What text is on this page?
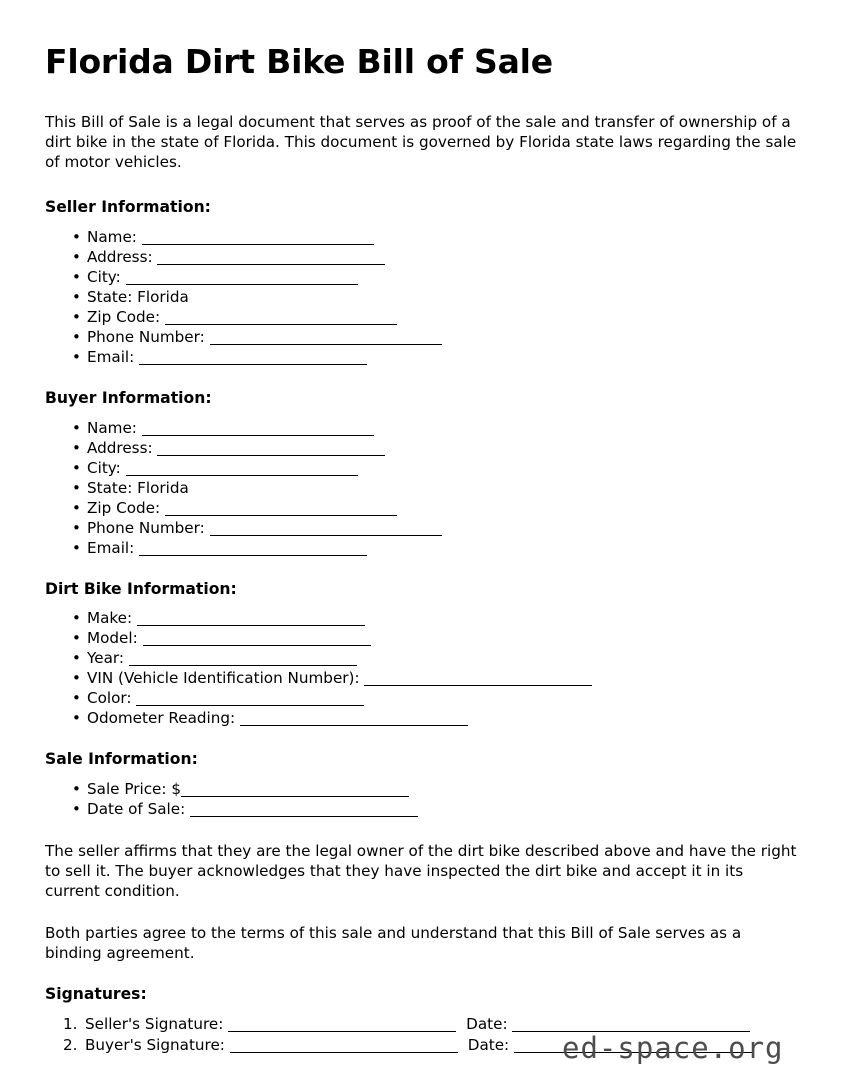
Florida Dirt Bike Bill of Sale

This Bill of Sale is a legal document that serves as proof of the sale and transfer of ownership of a dirt bike in the state of Florida. This document is governed by Florida state laws regarding the sale of motor vehicles.

Seller Information:
• Name:
• Address:
• City:
• State: Florida
• Zip Code:
• Phone Number:
• Email:
Buyer Information:
• Name:
• Address:
• City:
• State: Florida
• Zip Code:
• Phone Number:
• Email:
Dirt Bike Information:
• Make:
• Model:
• Year:
• VIN (Vehicle Identification Number):
• Color:
• Odometer Reading:
Sale Information:
• Sale Price: $
• Date of Sale:

The seller affirms that they are the legal owner of the dirt bike described above and have the right to sell it. The buyer acknowledges that they have inspected the dirt bike and accept it in its current condition.

Both parties agree to the terms of this sale and understand that this Bill of Sale serves as a binding agreement.

Signatures:
Seller's Signature:	Date:
Buyer's Signature:	Date:	ed-space.org
